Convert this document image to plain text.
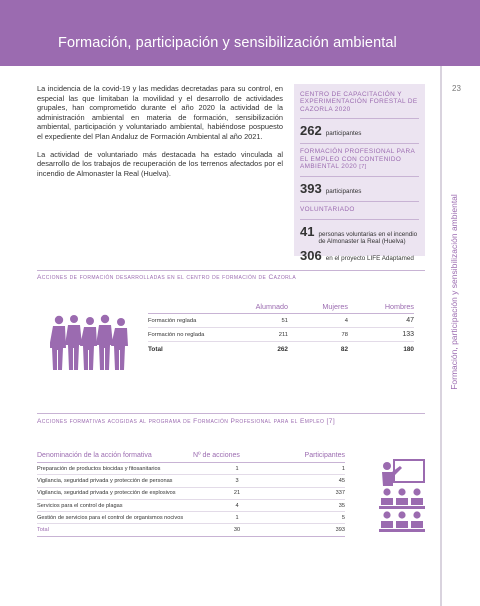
Formación, participación y sensibilización ambiental
23
Formación, participación y sensibilización ambiental

La incidencia de la covid-19 y las medidas decretadas para su control, en especial las que limitaban la movilidad y el desarrollo de actividades grupales, han comprometido durante el año 2020 la actividad de la administración ambiental en materia de formación, sensibilización ambiental, participación y voluntariado ambiental, habiéndose pospuesto el expediente del Plan Andaluz de Formación Ambiental al año 2021.

La actividad de voluntariado más destacada ha estado vinculada al desarrollo de los trabajos de recuperación de los terrenos afectados por el incendio de Almonaster la Real (Huelva).

CENTRO DE CAPACITACIÓN Y EXPERIMENTACIÓN FORESTAL DE CAZORLA 2020
262 participantes
FORMACIÓN PROFESIONAL PARA EL EMPLEO CON CONTENIDO AMBIENTAL 2020 [7]
393 participantes
VOLUNTARIADO
41 personas voluntarias en el incendio
de Almonaster la Real (Huelva)
306 en el proyecto LIFE Adaptamed
Acciones de formación desarrolladas en el centro de formación de Cazorla
Alumnado	Mujeres	Hombres
Formación reglada	51	4	47
Formación no reglada	211	78	133
Total	262	82	180
Acciones formativas acogidas al programa de Formación Profesional para el Empleo [7]
Denominación de la acción formativa	Nº de acciones	Participantes
Preparación de productos biocidas y fitosanitarios	1	1
Vigilancia, seguridad privada y protección de personas	3	45
Vigilancia, seguridad privada y protección de explosivos	21	337
Servicios para el control de plagas	4	35
Gestión de servicios para el control de organismos nocivos	1	5
Total	30	393
